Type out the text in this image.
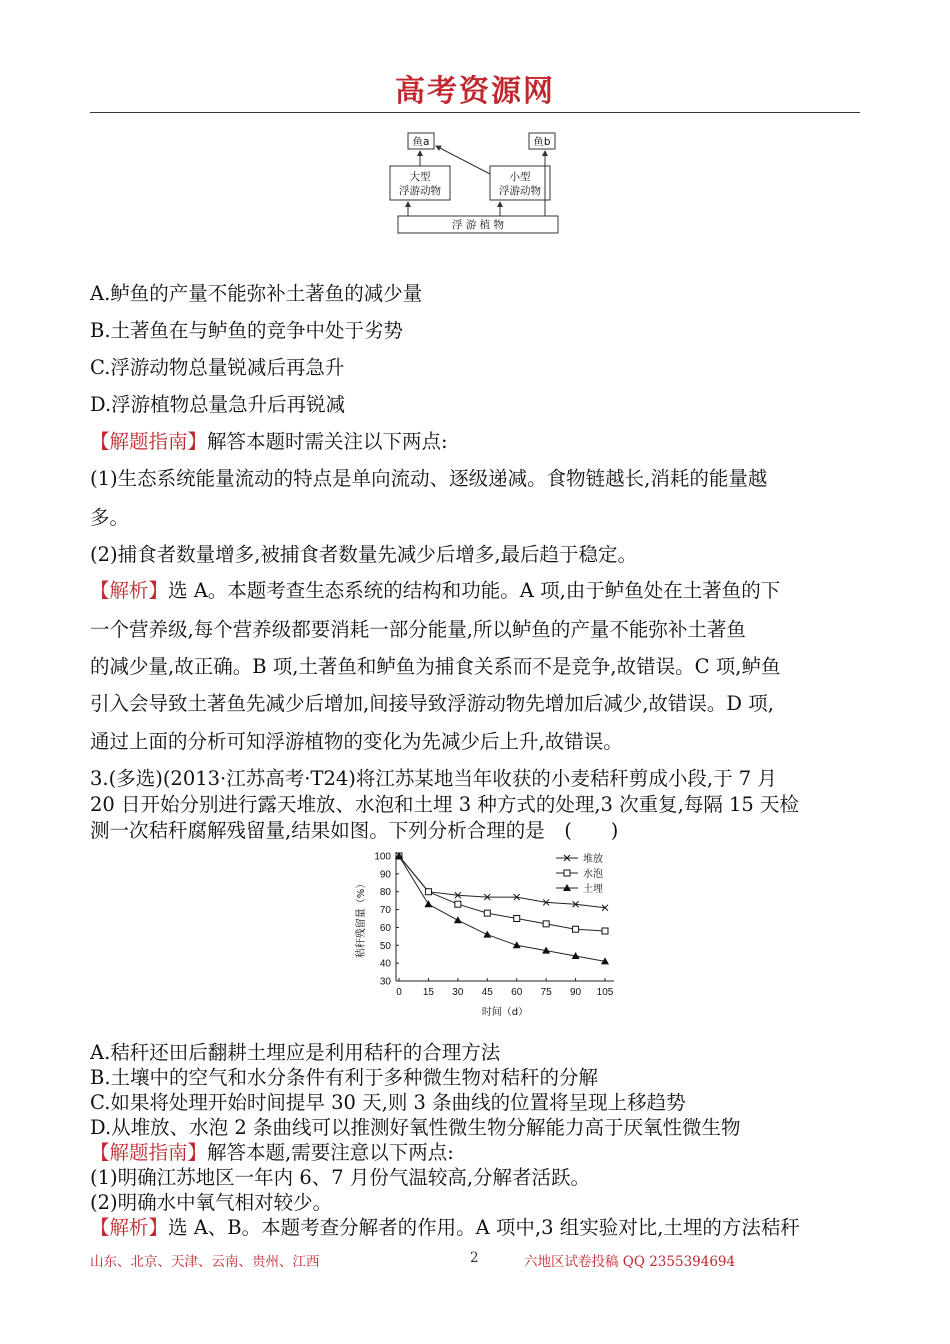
高考资源网
鱼a	鱼b
大型
浮游动物
小型
浮游动物
浮 游 植 物
A.鲈鱼的产量不能弥补土著鱼的减少量
B.土著鱼在与鲈鱼的竞争中处于劣势
C.浮游动物总量锐减后再急升
D.浮游植物总量急升后再锐减
【解题指南】解答本题时需关注以下两点:
(1)生态系统能量流动的特点是单向流动、逐级递减。食物链越长,消耗的能量越
多。
(2)捕食者数量增多,被捕食者数量先减少后增多,最后趋于稳定。
【解析】选 A。本题考查生态系统的结构和功能。A 项,由于鲈鱼处在土著鱼的下
一个营养级,每个营养级都要消耗一部分能量,所以鲈鱼的产量不能弥补土著鱼
的减少量,故正确。B 项,土著鱼和鲈鱼为捕食关系而不是竞争,故错误。C 项,鲈鱼
引入会导致土著鱼先减少后增加,间接导致浮游动物先增加后减少,故错误。D 项,
通过上面的分析可知浮游植物的变化为先减少后上升,故错误。
3.(多选)(2013·江苏高考·T24)将江苏某地当年收获的小麦秸秆剪成小段,于 7 月
20 日开始分别进行露天堆放、水泡和土埋 3 种方式的处理,3 次重复,每隔 15 天检
测一次秸秆腐解残留量,结果如图。下列分析合理的是　(　　)
30
40
50
60
70
80
90
100
0 15 30 45 60 75 90 105
时间（d）
秸秆残留量（%）
堆放
水泡
土埋
A.秸秆还田后翻耕土埋应是利用秸秆的合理方法
B.土壤中的空气和水分条件有利于多种微生物对秸秆的分解
C.如果将处理开始时间提早 30 天,则 3 条曲线的位置将呈现上移趋势
D.从堆放、水泡 2 条曲线可以推测好氧性微生物分解能力高于厌氧性微生物
【解题指南】解答本题,需要注意以下两点:
(1)明确江苏地区一年内 6、7 月份气温较高,分解者活跃。
(2)明确水中氧气相对较少。
【解析】选 A、B。本题考查分解者的作用。A 项中,3 组实验对比,土埋的方法秸秆
山东、北京、天津、云南、贵州、江西	2	六地区试卷投稿 QQ 2355394694
